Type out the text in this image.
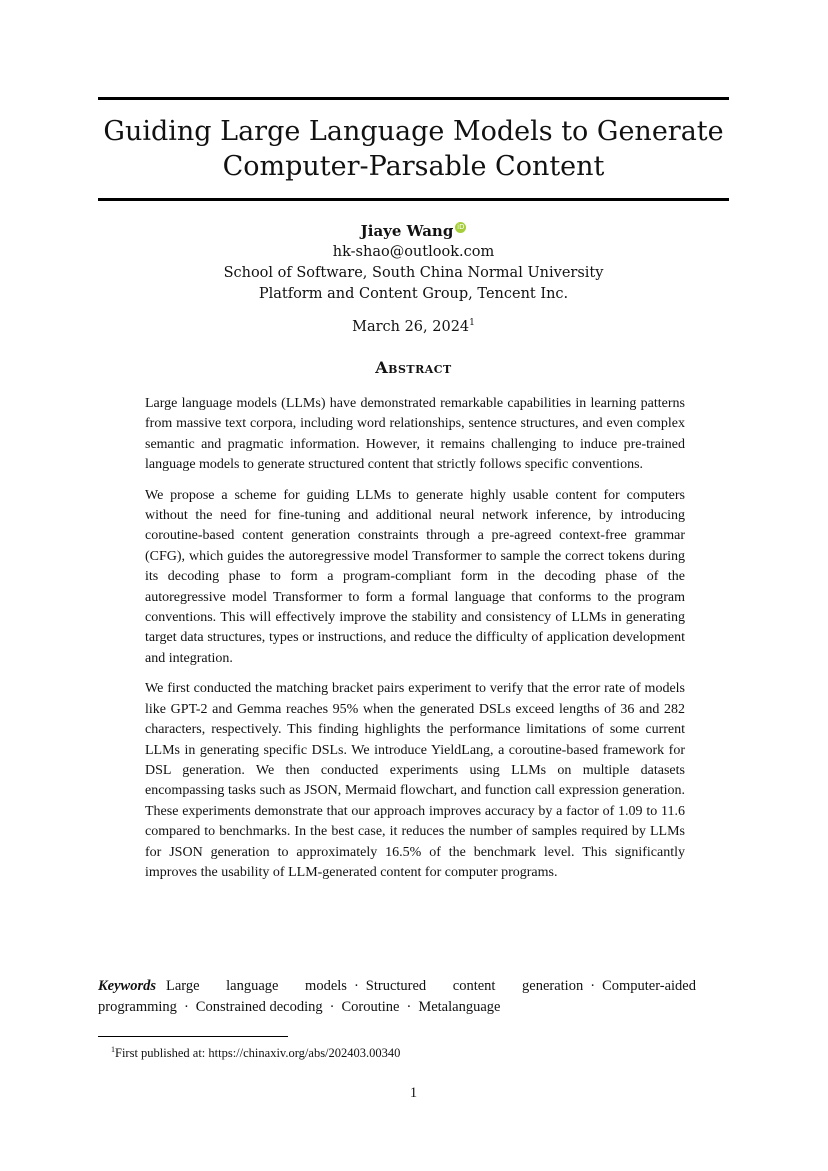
Guiding Large Language Models to Generate
Computer-Parsable Content
Jiaye Wang iD
hk-shao@outlook.com
School of Software, South China Normal University
Platform and Content Group, Tencent Inc.
March 26, 2024$^1$
Abstract

Large language models (LLMs) have demonstrated remarkable capabilities in learning patterns from massive text corpora, including word relationships, sentence structures, and even complex semantic and pragmatic information. However, it remains challenging to induce pre-trained language models to generate structured content that strictly follows specific conventions.

We propose a scheme for guiding LLMs to generate highly usable content for computers without the need for fine-tuning and additional neural network inference, by introducing coroutine-based content generation constraints through a pre-agreed context-free grammar (CFG), which guides the autoregressive model Transformer to sample the correct tokens during its decoding phase to form a program-compliant form in the decoding phase of the autoregressive model Transformer to form a formal language that conforms to the program conventions. This will effectively improve the stability and consistency of LLMs in generating target data structures, types or instructions, and reduce the difficulty of application development and integration.

We first conducted the matching bracket pairs experiment to verify that the error rate of models like GPT-2 and Gemma reaches 95% when the generated DSLs exceed lengths of 36 and 282 characters, respectively. This finding highlights the performance limitations of some current LLMs in generating specific DSLs. We introduce YieldLang, a coroutine-based framework for DSL generation. We then conducted experiments using LLMs on multiple datasets encompassing tasks such as JSON, Mermaid flowchart, and function call expression generation. These experiments demonstrate that our approach improves accuracy by a factor of 1.09 to 11.6 compared to benchmarks. In the best case, it reduces the number of samples required by LLMs for JSON generation to approximately 16.5% of the benchmark level. This significantly improves the usability of LLM-generated content for computer programs.

Keywords Large language models · Structured content generation · Computer-aided programming · Constrained decoding · Coroutine · Metalanguage
$^1$First published at: https://chinaxiv.org/abs/202403.00340
1
